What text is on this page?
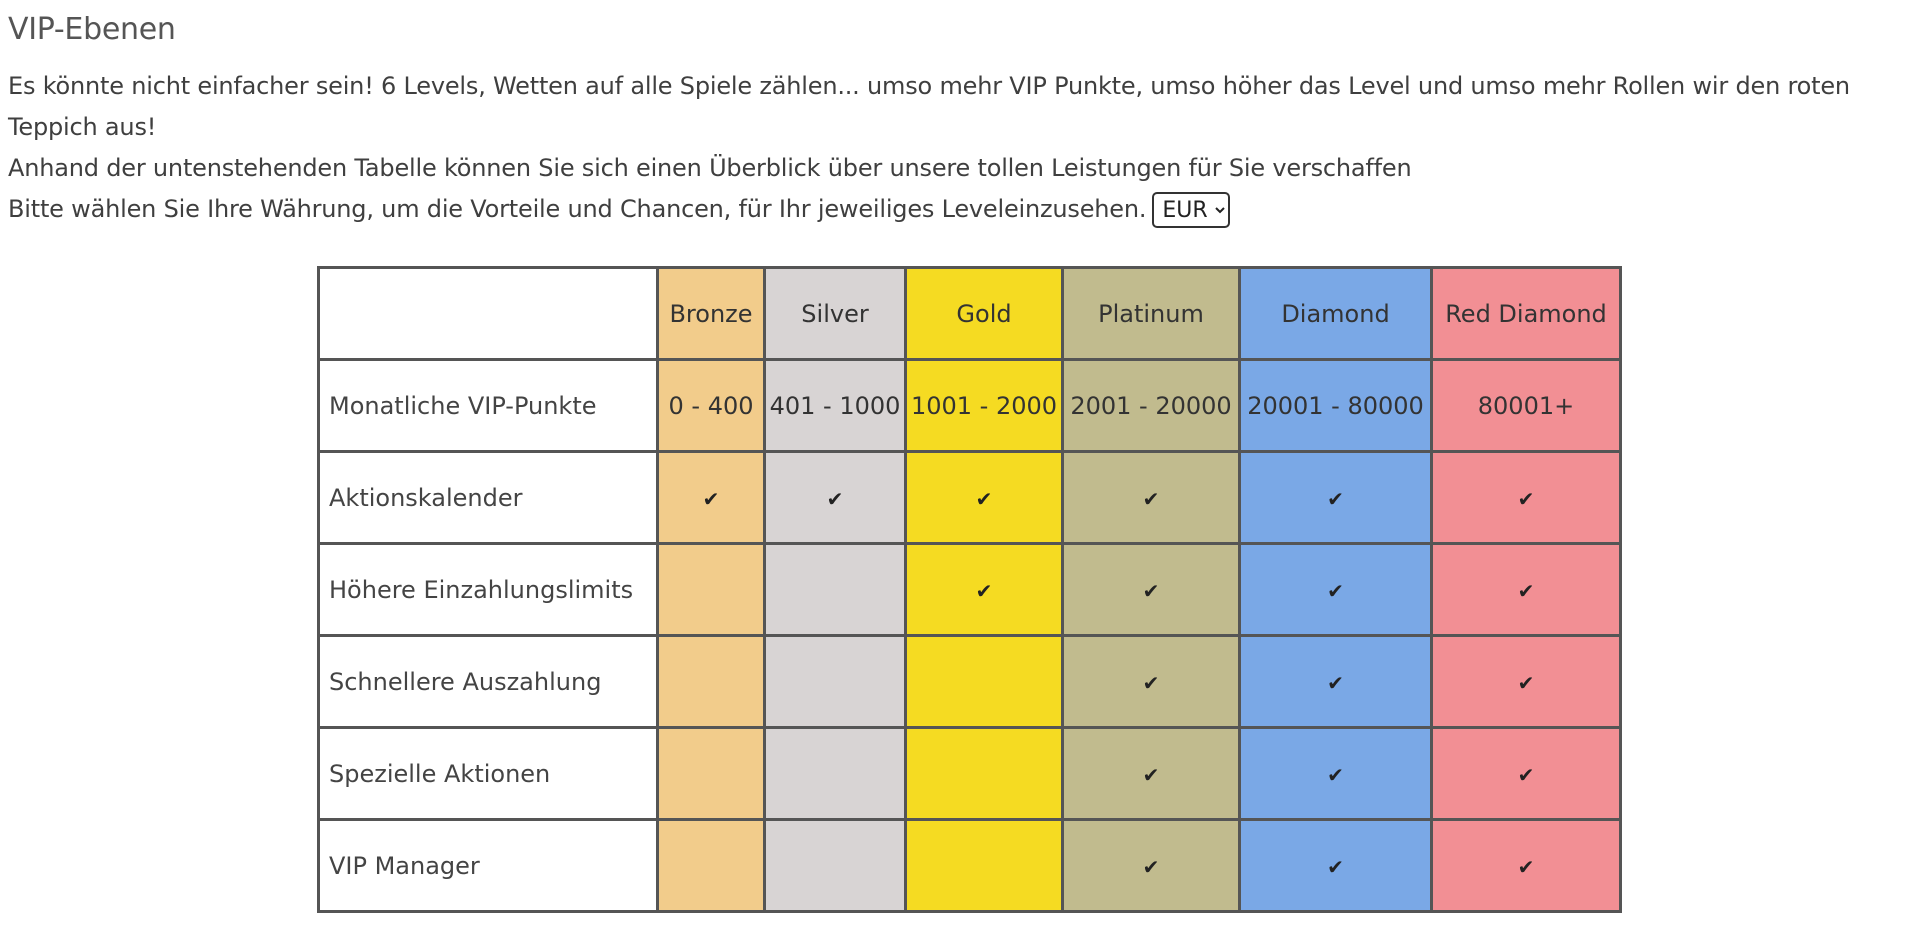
VIP-Ebenen

Es könnte nicht einfacher sein! 6 Levels, Wetten auf alle Spiele zählen... umso mehr VIP Punkte, umso höher das Level und umso mehr Rollen wir den roten Teppich aus!

Anhand der untenstehenden Tabelle können Sie sich einen Überblick über unsere tollen Leistungen für Sie verschaffen

Bitte wählen Sie Ihre Währung, um die Vorteile und Chancen, für Ihr jeweiliges Leveleinzusehen.
EUR

	Bronze	Silver	Gold	Platinum	Diamond	Red Diamond
Monatliche VIP-Punkte	0 - 400	401 - 1000	1001 - 2000	2001 - 20000	20001 - 80000	80001+
Aktionskalender	✔	✔	✔	✔	✔	✔
Höhere Einzahlungslimits			✔	✔	✔	✔
Schnellere Auszahlung				✔	✔	✔
Spezielle Aktionen				✔	✔	✔
VIP Manager				✔	✔	✔
